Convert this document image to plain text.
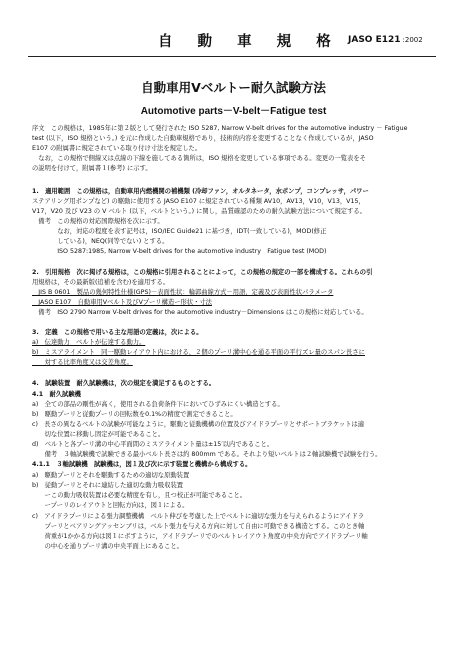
自 動 車 規 格 JASO E121 :2002
自動車用Vベルトー耐久試験方法
Automotive parts－V-belt－Fatigue test
序文　この規格は，1985年に第２版として発行された ISO 5287, Narrow V-belt drives for the automotive industry － Fatigue
test (以下，ISO 規格という。) を元に作成した自動車規格であり，技術的内容を変更することなく作成しているが，JASO
E107 の附属書に規定されている取り付け寸法を規定した。
　なお，この規格で側線又は点線の下線を施してある箇所は，ISO 規格を変更している事項である。変更の一覧表をそ
の説明を付けて，附属書１(参考) に示す。
1.　適用範囲　この規格は，自動車用内燃機関の補機類 (冷却ファン，オルタネータ，水ポンプ，コンプレッサ，パワー
ステアリング用ポンプなど) の駆動に使用する JASO E107 に規定されている種類 AV10，AV13，V10，V13，V15，
V17，V20 及び V23 の V ベルト (以下，ベルトという。) に関し，品質確認のための耐久試験方法について規定する。
　備考　この規格の対応国際規格を次に示す。
　　　　なお，対応の程度を表す記号は，ISO/IEC Guide21 に基づき，IDT(一致している)，MOD(修正
　　　　している)，NEQ(同等でない) とする。
　　　　ISO 5287:1985, Narrow V-belt drives for the automotive industry　Fatigue test (MOD)
2.　引用規格　次に掲げる規格は，この規格に引用されることによって，この規格の規定の一部を構成する。これらの引
用規格は，その最新版(追補を含む)を適用する。
　JIS B 0601　製品の幾何特性仕様(GPS)－表面性状：輪郭曲線方式－用語，定義及び表面性状パラメータ
　JASO E107　自動車用Vベルト及びVプーリ構造ー形状・寸法
　備考　ISO 2790 Narrow V-belt drives for the automotive industry－Dimensions はこの規格に対応している。
3.　定義　この規格で用いる主な用語の定義は，次による。
a)　伝達動力　ベルトが伝達する動力。
b)　ミスアライメント　同一駆動レイアウト内における，２個のプーリ溝中心を通る平面の平行ズレ量のスパン長さに
　　対する比率角度又は交差角度。
4.　試験装置　耐久試験機は，次の規定を満足するものとする。
4.1　耐久試験機
a)　全ての部品の剛性が高く，使用される負荷条件下においてひずみにくい構造とする。
b)　駆動プーリと従動プーリの回転数を0.1%の精度で測定できること。
c)　長さの異なるベルトの試験が可能なように，駆動と従動機構の位置及びアイドラプーリとサポートブラケットは適
　　切な位置に移動し固定が可能であること。
d)　ベルトと各プーリ溝の中心平面間のミスアライメント量は±15′以内であること。
　　備考　３軸試験機で試験できる最小ベルト長さは約 800mm である。それより短いベルトは２軸試験機で試験を行う。
4.1.1　３軸試験機　試験機は，図１及び次に示す装置と機構から構成する。
a)　駆動プーリとそれを駆動するための適切な原動装置
b)　従動プーリとそれに連結した適切な動力吸収装置
　　ーこの動力吸収装置は必要な精度を有し，且つ校正が可能であること。
　　ープーリのレイアウトと回転方向は，図１による。
c)　アイドラプーリによる張力調整機構　ベルト伸びを考慮した上でベルトに適切な張力を与えられるようにアイドラ
　　プーリとベアリングアッセンブリは，ベルト張力を与える方向に対して自由に可動できる構造とする。このとき軸
　　荷重が1かかる方向は図１にボすように，アイドラプーリでのベルトレイアウト角度の中央方向でアイドラプーリ軸
　　の中心を通りプーリ溝の中央平面上にあること。
